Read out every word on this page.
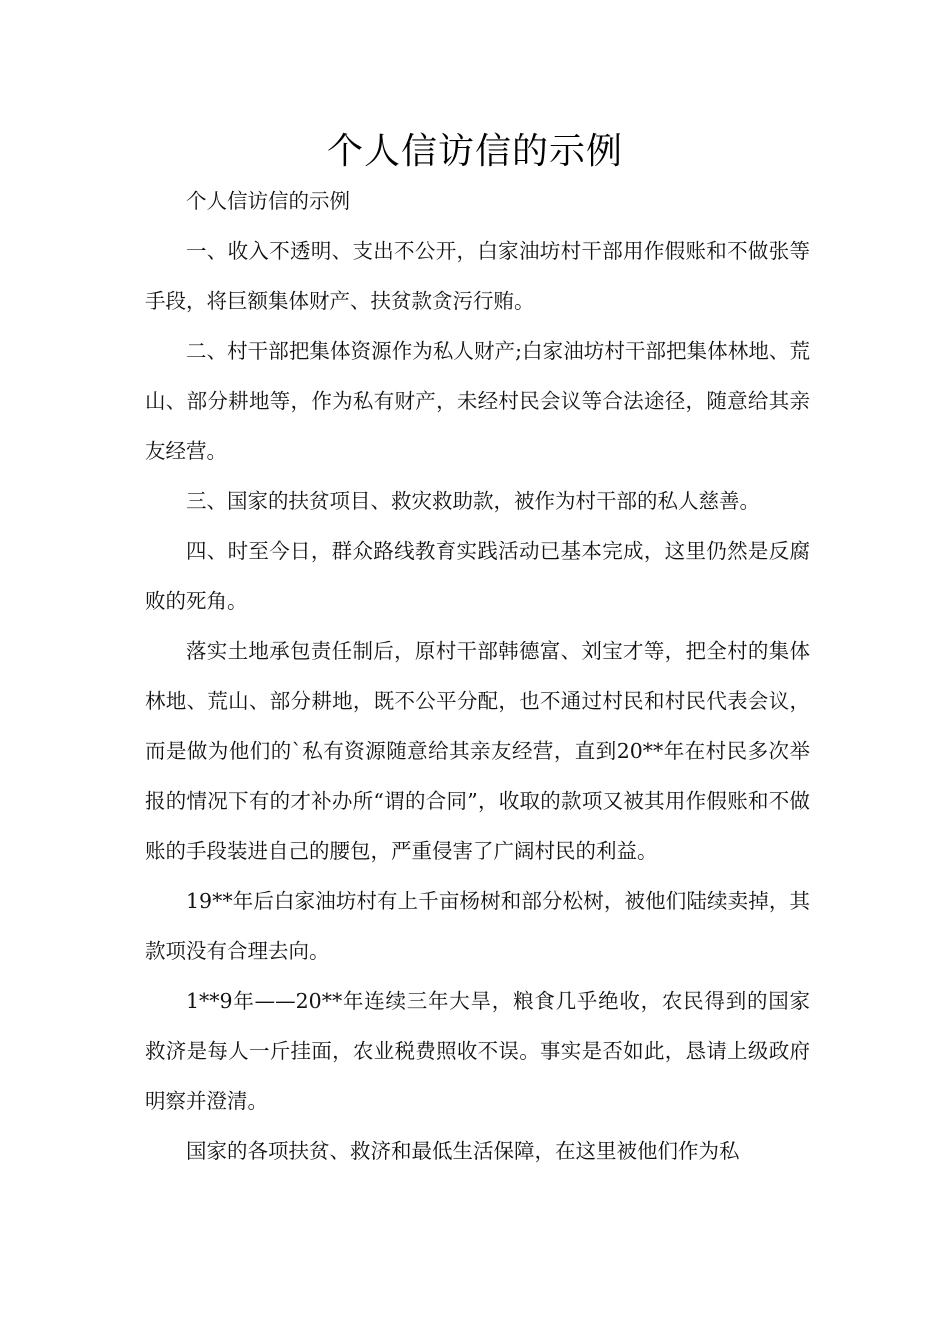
个人信访信的示例

个人信访信的示例

一、收入不透明、支出不公开，白家油坊村干部用作假账和不做张等手段，将巨额集体财产、扶贫款贪污行贿。

二、村干部把集体资源作为私人财产;白家油坊村干部把集体林地、荒山、部分耕地等，作为私有财产，未经村民会议等合法途径，随意给其亲友经营。

三、国家的扶贫项目、救灾救助款，被作为村干部的私人慈善。

四、时至今日，群众路线教育实践活动已基本完成，这里仍然是反腐败的死角。

落实土地承包责任制后，原村干部韩德富、刘宝才等，把全村的集体林地、荒山、部分耕地，既不公平分配，也不通过村民和村民代表会议，而是做为他们的`私有资源随意给其亲友经营，直到20**年在村民多次举报的情况下有的才补办所“谓的合同”，收取的款项又被其用作假账和不做账的手段装进自己的腰包，严重侵害了广阔村民的利益。

19**年后白家油坊村有上千亩杨树和部分松树，被他们陆续卖掉，其款项没有合理去向。

1**9年——20**年连续三年大旱，粮食几乎绝收，农民得到的国家救济是每人一斤挂面，农业税费照收不误。事实是否如此，恳请上级政府明察并澄清。

国家的各项扶贫、救济和最低生活保障，在这里被他们作为私
